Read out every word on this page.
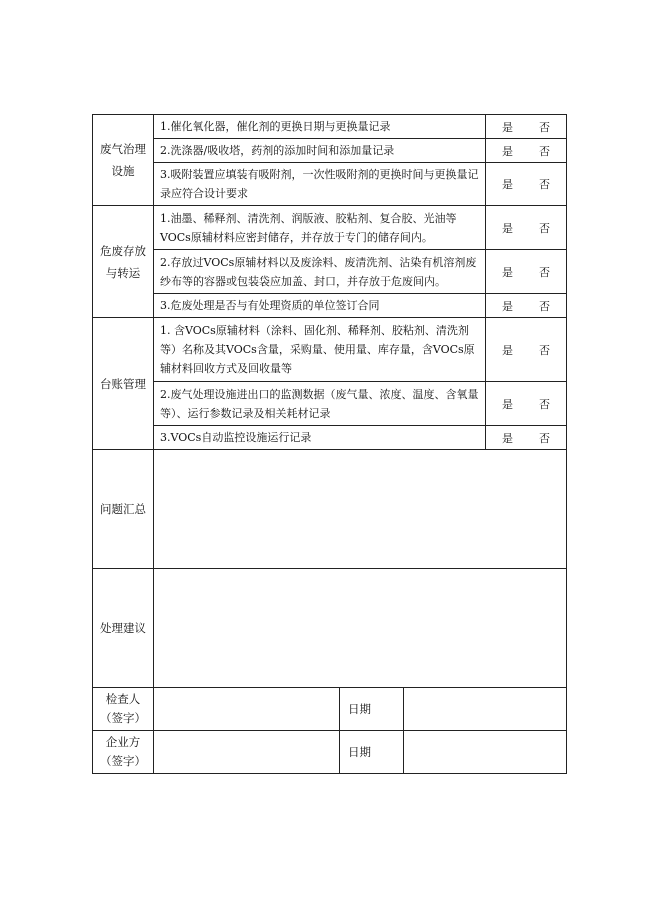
废气治理
设施	1.催化氧化器，催化剂的更换日期与更换量记录			是 否

	2.洗涤器/吸收塔，药剂的添加时间和添加量记录			是 否

	3.吸附装置应填装有吸附剂，一次性吸附剂的更换时间与更换量记录应符合设计要求			是 否

危废存放
与转运	1.油墨、稀释剂、清洗剂、润版液、胶粘剂、复合胶、光油等VOCs原辅材料应密封储存，并存放于专门的储存间内。			是 否

	2.存放过VOCs原辅材料以及废涂料、废清洗剂、沾染有机溶剂废纱布等的容器或包装袋应加盖、封口，并存放于危废间内。			是 否

	3.危废处理是否与有处理资质的单位签订合同			是 否

台账管理	1. 含VOCs原辅材料（涂料、固化剂、稀释剂、胶粘剂、清洗剂等）名称及其VOCs含量，采购量、使用量、库存量，含VOCs原辅材料回收方式及回收量等			是 否

	2.废气处理设施进出口的监测数据（废气量、浓度、温度、含氧量等）、运行参数记录及相关耗材记录			是 否

	3.VOCs自动监控设施运行记录			是 否

问题汇总				
处理建议				
检查人
（签字）		日期		
企业方
（签字）		日期		
